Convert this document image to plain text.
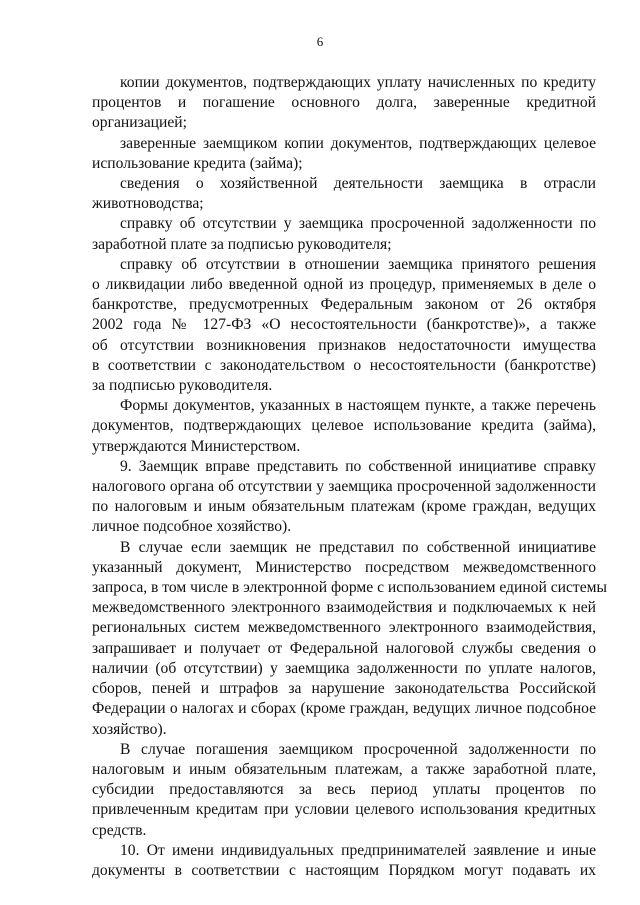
6
копии документов, подтверждающих уплату начисленных по кредиту
процентов и погашение основного долга, заверенные кредитной
организацией;
заверенные заемщиком копии документов, подтверждающих целевое
использование кредита (займа);
сведения о хозяйственной деятельности заемщика в отрасли
животноводства;
справку об отсутствии у заемщика просроченной задолженности по
заработной плате за подписью руководителя;
справку об отсутствии в отношении заемщика принятого решения
о ликвидации либо введенной одной из процедур, применяемых в деле о
банкротстве, предусмотренных Федеральным законом от 26 октября
2002 года № 127-ФЗ «О несостоятельности (банкротстве)», а также
об отсутствии возникновения признаков недостаточности имущества
в соответствии с законодательством о несостоятельности (банкротстве)
за подписью руководителя.
Формы документов, указанных в настоящем пункте, а также перечень
документов, подтверждающих целевое использование кредита (займа),
утверждаются Министерством.
9. Заемщик вправе представить по собственной инициативе справку
налогового органа об отсутствии у заемщика просроченной задолженности
по налоговым и иным обязательным платежам (кроме граждан, ведущих
личное подсобное хозяйство).
В случае если заемщик не представил по собственной инициативе
указанный документ, Министерство посредством межведомственного
запроса, в том числе в электронной форме с использованием единой системы
межведомственного электронного взаимодействия и подключаемых к ней
региональных систем межведомственного электронного взаимодействия,
запрашивает и получает от Федеральной налоговой службы сведения о
наличии (об отсутствии) у заемщика задолженности по уплате налогов,
сборов, пеней и штрафов за нарушение законодательства Российской
Федерации о налогах и сборах (кроме граждан, ведущих личное подсобное
хозяйство).
В случае погашения заемщиком просроченной задолженности по
налоговым и иным обязательным платежам, а также заработной плате,
субсидии предоставляются за весь период уплаты процентов по
привлеченным кредитам при условии целевого использования кредитных
средств.
10. От имени индивидуальных предпринимателей заявление и иные
документы в соответствии с настоящим Порядком могут подавать их
